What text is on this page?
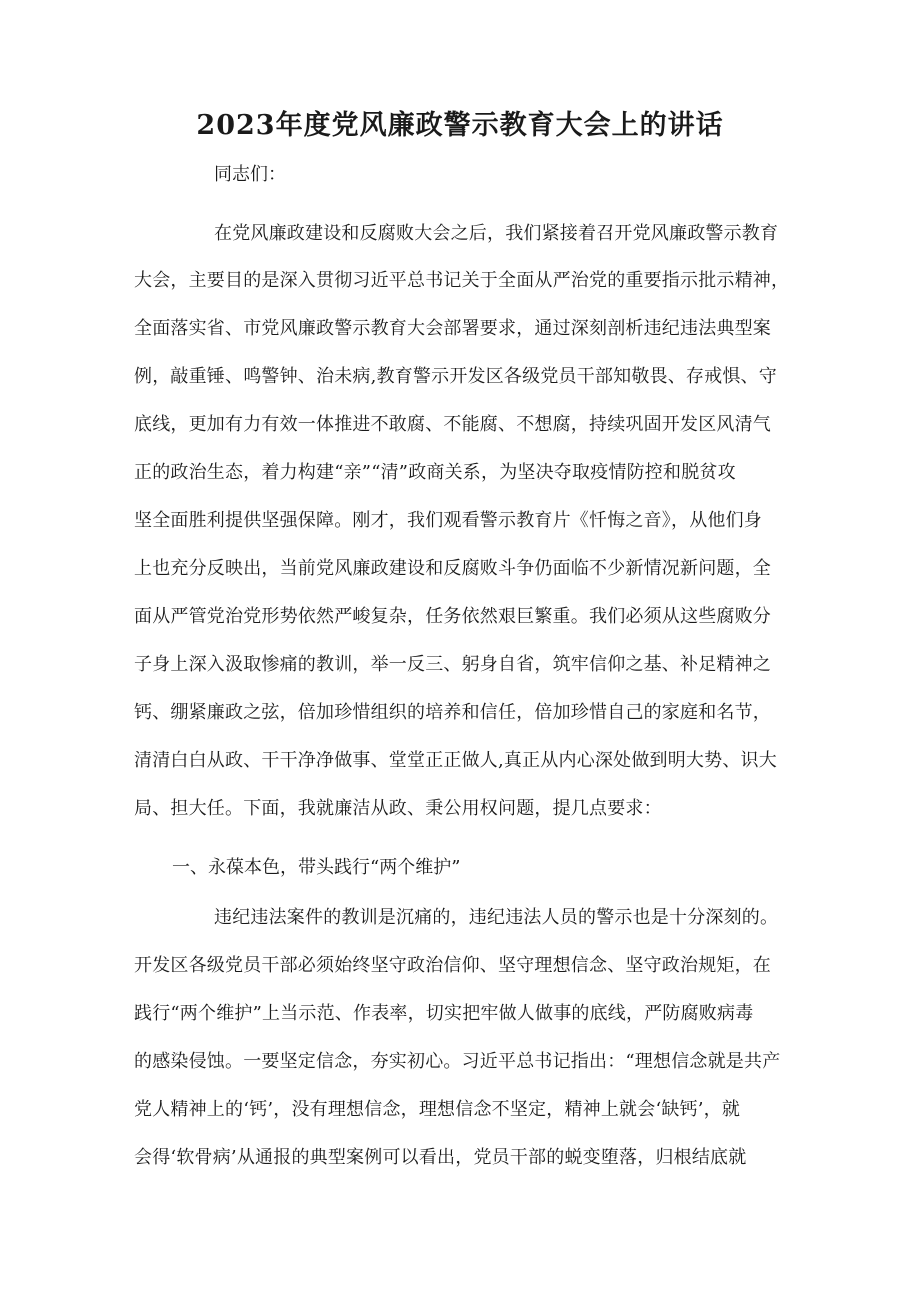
2023年度党风廉政警示教育大会上的讲话
同志们：
在党风廉政建设和反腐败大会之后，我们紧接着召开党风廉政警示教育
大会，主要目的是深入贯彻习近平总书记关于全面从严治党的重要指示批示精神，
全面落实省、市党风廉政警示教育大会部署要求，通过深刻剖析违纪违法典型案
例，敲重锤、鸣警钟、治未病,教育警示开发区各级党员干部知敬畏、存戒惧、守
底线，更加有力有效一体推进不敢腐、不能腐、不想腐，持续巩固开发区风清气
正的政治生态，着力构建“亲”“清”政商关系，为坚决夺取疫情防控和脱贫攻
坚全面胜利提供坚强保障。刚才，我们观看警示教育片《忏悔之音》，从他们身
上也充分反映出，当前党风廉政建设和反腐败斗争仍面临不少新情况新问题，全
面从严管党治党形势依然严峻复杂，任务依然艰巨繁重。我们必须从这些腐败分
子身上深入汲取惨痛的教训，举一反三、躬身自省，筑牢信仰之基、补足精神之
钙、绷紧廉政之弦，倍加珍惜组织的培养和信任，倍加珍惜自己的家庭和名节，
清清白白从政、干干净净做事、堂堂正正做人,真正从内心深处做到明大势、识大
局、担大任。下面，我就廉洁从政、秉公用权问题，提几点要求：
一、永葆本色，带头践行“两个维护”
违纪违法案件的教训是沉痛的，违纪违法人员的警示也是十分深刻的。
开发区各级党员干部必须始终坚守政治信仰、坚守理想信念、坚守政治规矩，在
践行“两个维护”上当示范、作表率，切实把牢做人做事的底线，严防腐败病毒
的感染侵蚀。一要坚定信念，夯实初心。习近平总书记指出：“理想信念就是共产
党人精神上的‘钙’，没有理想信念，理想信念不坚定，精神上就会‘缺钙’，就
会得‘软骨病’从通报的典型案例可以看出，党员干部的蜕变堕落，归根结底就
